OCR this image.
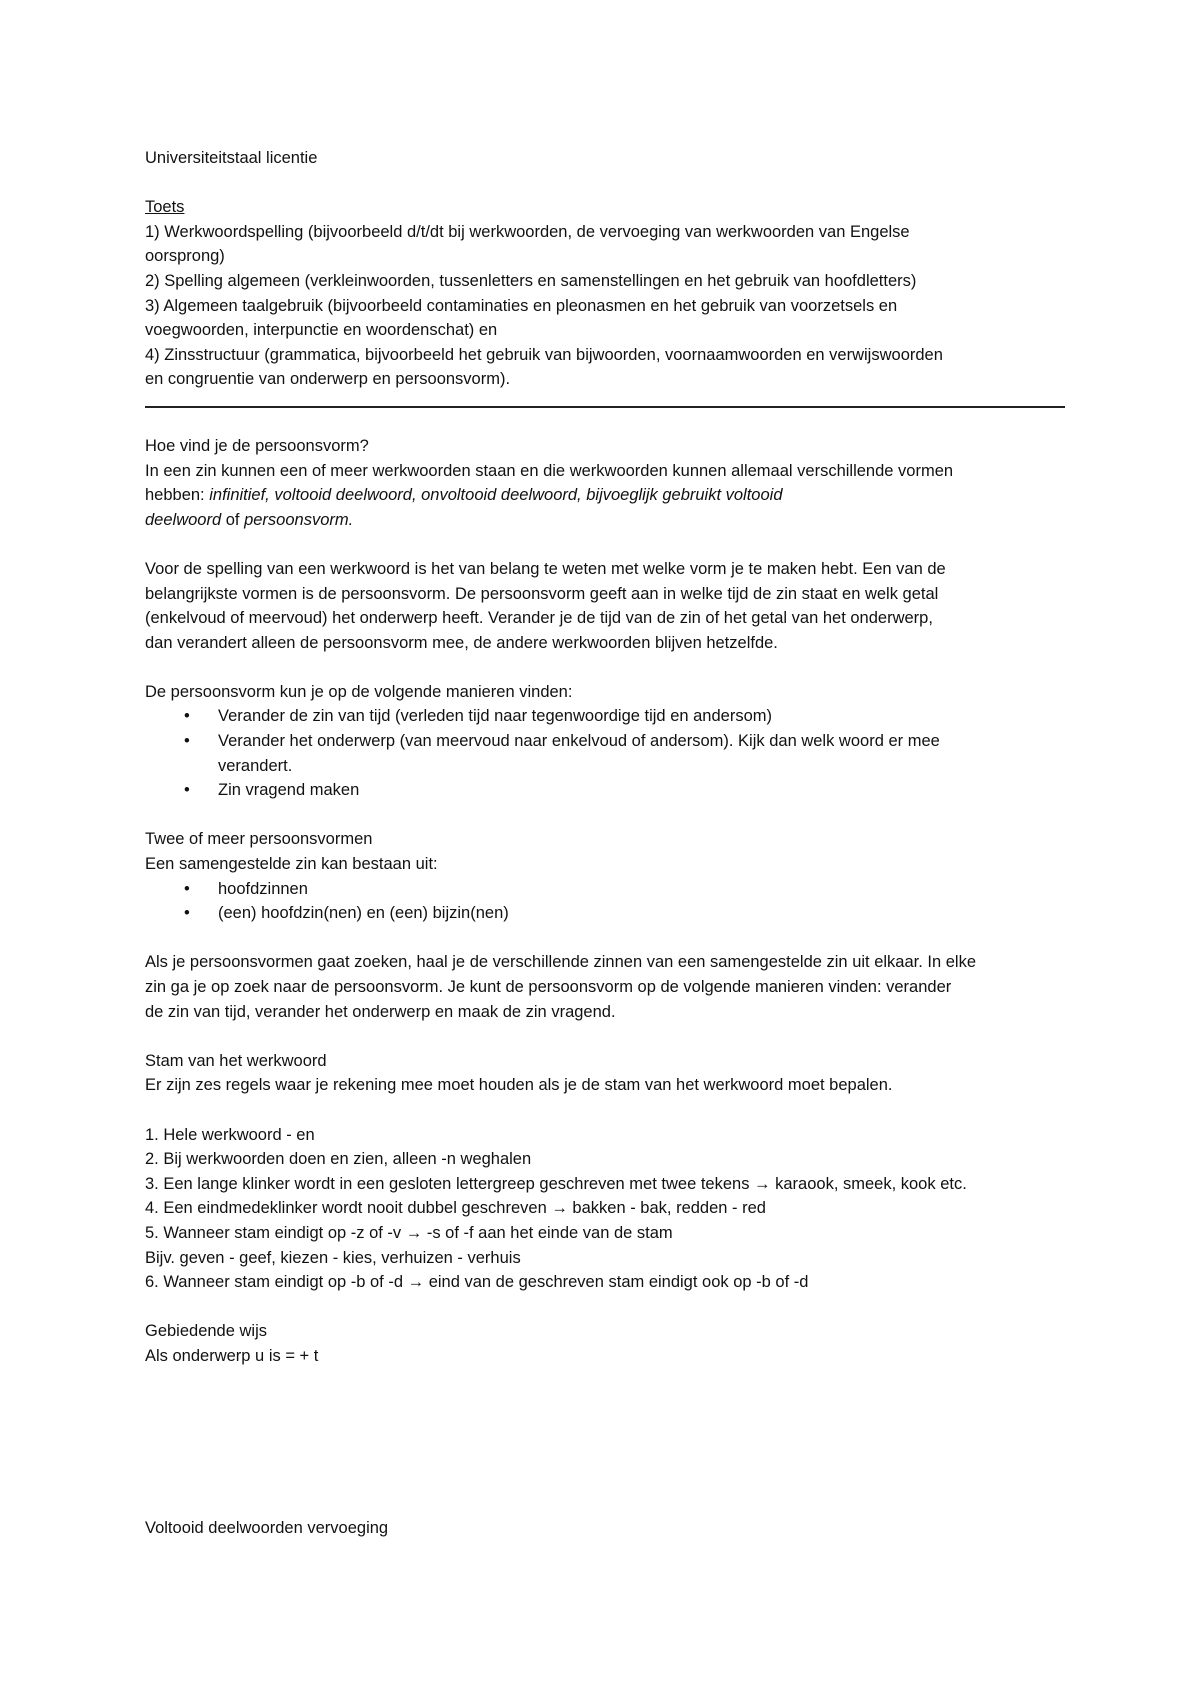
Universiteitstaal licentie
Toets
1) Werkwoordspelling (bijvoorbeeld d/t/dt bij werkwoorden, de vervoeging van werkwoorden van Engelse
oorsprong)
2) Spelling algemeen (verkleinwoorden, tussenletters en samenstellingen en het gebruik van hoofdletters)
3) Algemeen taalgebruik (bijvoorbeeld contaminaties en pleonasmen en het gebruik van voorzetsels en
voegwoorden, interpunctie en woordenschat) en
4) Zinsstructuur (grammatica, bijvoorbeeld het gebruik van bijwoorden, voornaamwoorden en verwijswoorden
en congruentie van onderwerp en persoonsvorm).
Hoe vind je de persoonsvorm?
In een zin kunnen een of meer werkwoorden staan en die werkwoorden kunnen allemaal verschillende vormen
hebben: infinitief, voltooid deelwoord, onvoltooid deelwoord, bijvoeglijk gebruikt voltooid
deelwoord of persoonsvorm.
Voor de spelling van een werkwoord is het van belang te weten met welke vorm je te maken hebt. Een van de
belangrijkste vormen is de persoonsvorm. De persoonsvorm geeft aan in welke tijd de zin staat en welk getal
(enkelvoud of meervoud) het onderwerp heeft. Verander je de tijd van de zin of het getal van het onderwerp,
dan verandert alleen de persoonsvorm mee, de andere werkwoorden blijven hetzelfde.
De persoonsvorm kun je op de volgende manieren vinden:
• Verander de zin van tijd (verleden tijd naar tegenwoordige tijd en andersom)
• Verander het onderwerp (van meervoud naar enkelvoud of andersom). Kijk dan welk woord er mee
verandert.
• Zin vragend maken
Twee of meer persoonsvormen
Een samengestelde zin kan bestaan uit:
• hoofdzinnen
• (een) hoofdzin(nen) en (een) bijzin(nen)
Als je persoonsvormen gaat zoeken, haal je de verschillende zinnen van een samengestelde zin uit elkaar. In elke
zin ga je op zoek naar de persoonsvorm. Je kunt de persoonsvorm op de volgende manieren vinden: verander
de zin van tijd, verander het onderwerp en maak de zin vragend.
Stam van het werkwoord
Er zijn zes regels waar je rekening mee moet houden als je de stam van het werkwoord moet bepalen.
1. Hele werkwoord - en
2. Bij werkwoorden doen en zien, alleen -n weghalen
3. Een lange klinker wordt in een gesloten lettergreep geschreven met twee tekens → karaook, smeek, kook etc.
4. Een eindmedeklinker wordt nooit dubbel geschreven → bakken - bak, redden - red
5. Wanneer stam eindigt op -z of -v → -s of -f aan het einde van de stam
Bijv. geven - geef, kiezen - kies, verhuizen - verhuis
6. Wanneer stam eindigt op -b of -d → eind van de geschreven stam eindigt ook op -b of -d
Gebiedende wijs
Als onderwerp u is = + t
Voltooid deelwoorden vervoeging
